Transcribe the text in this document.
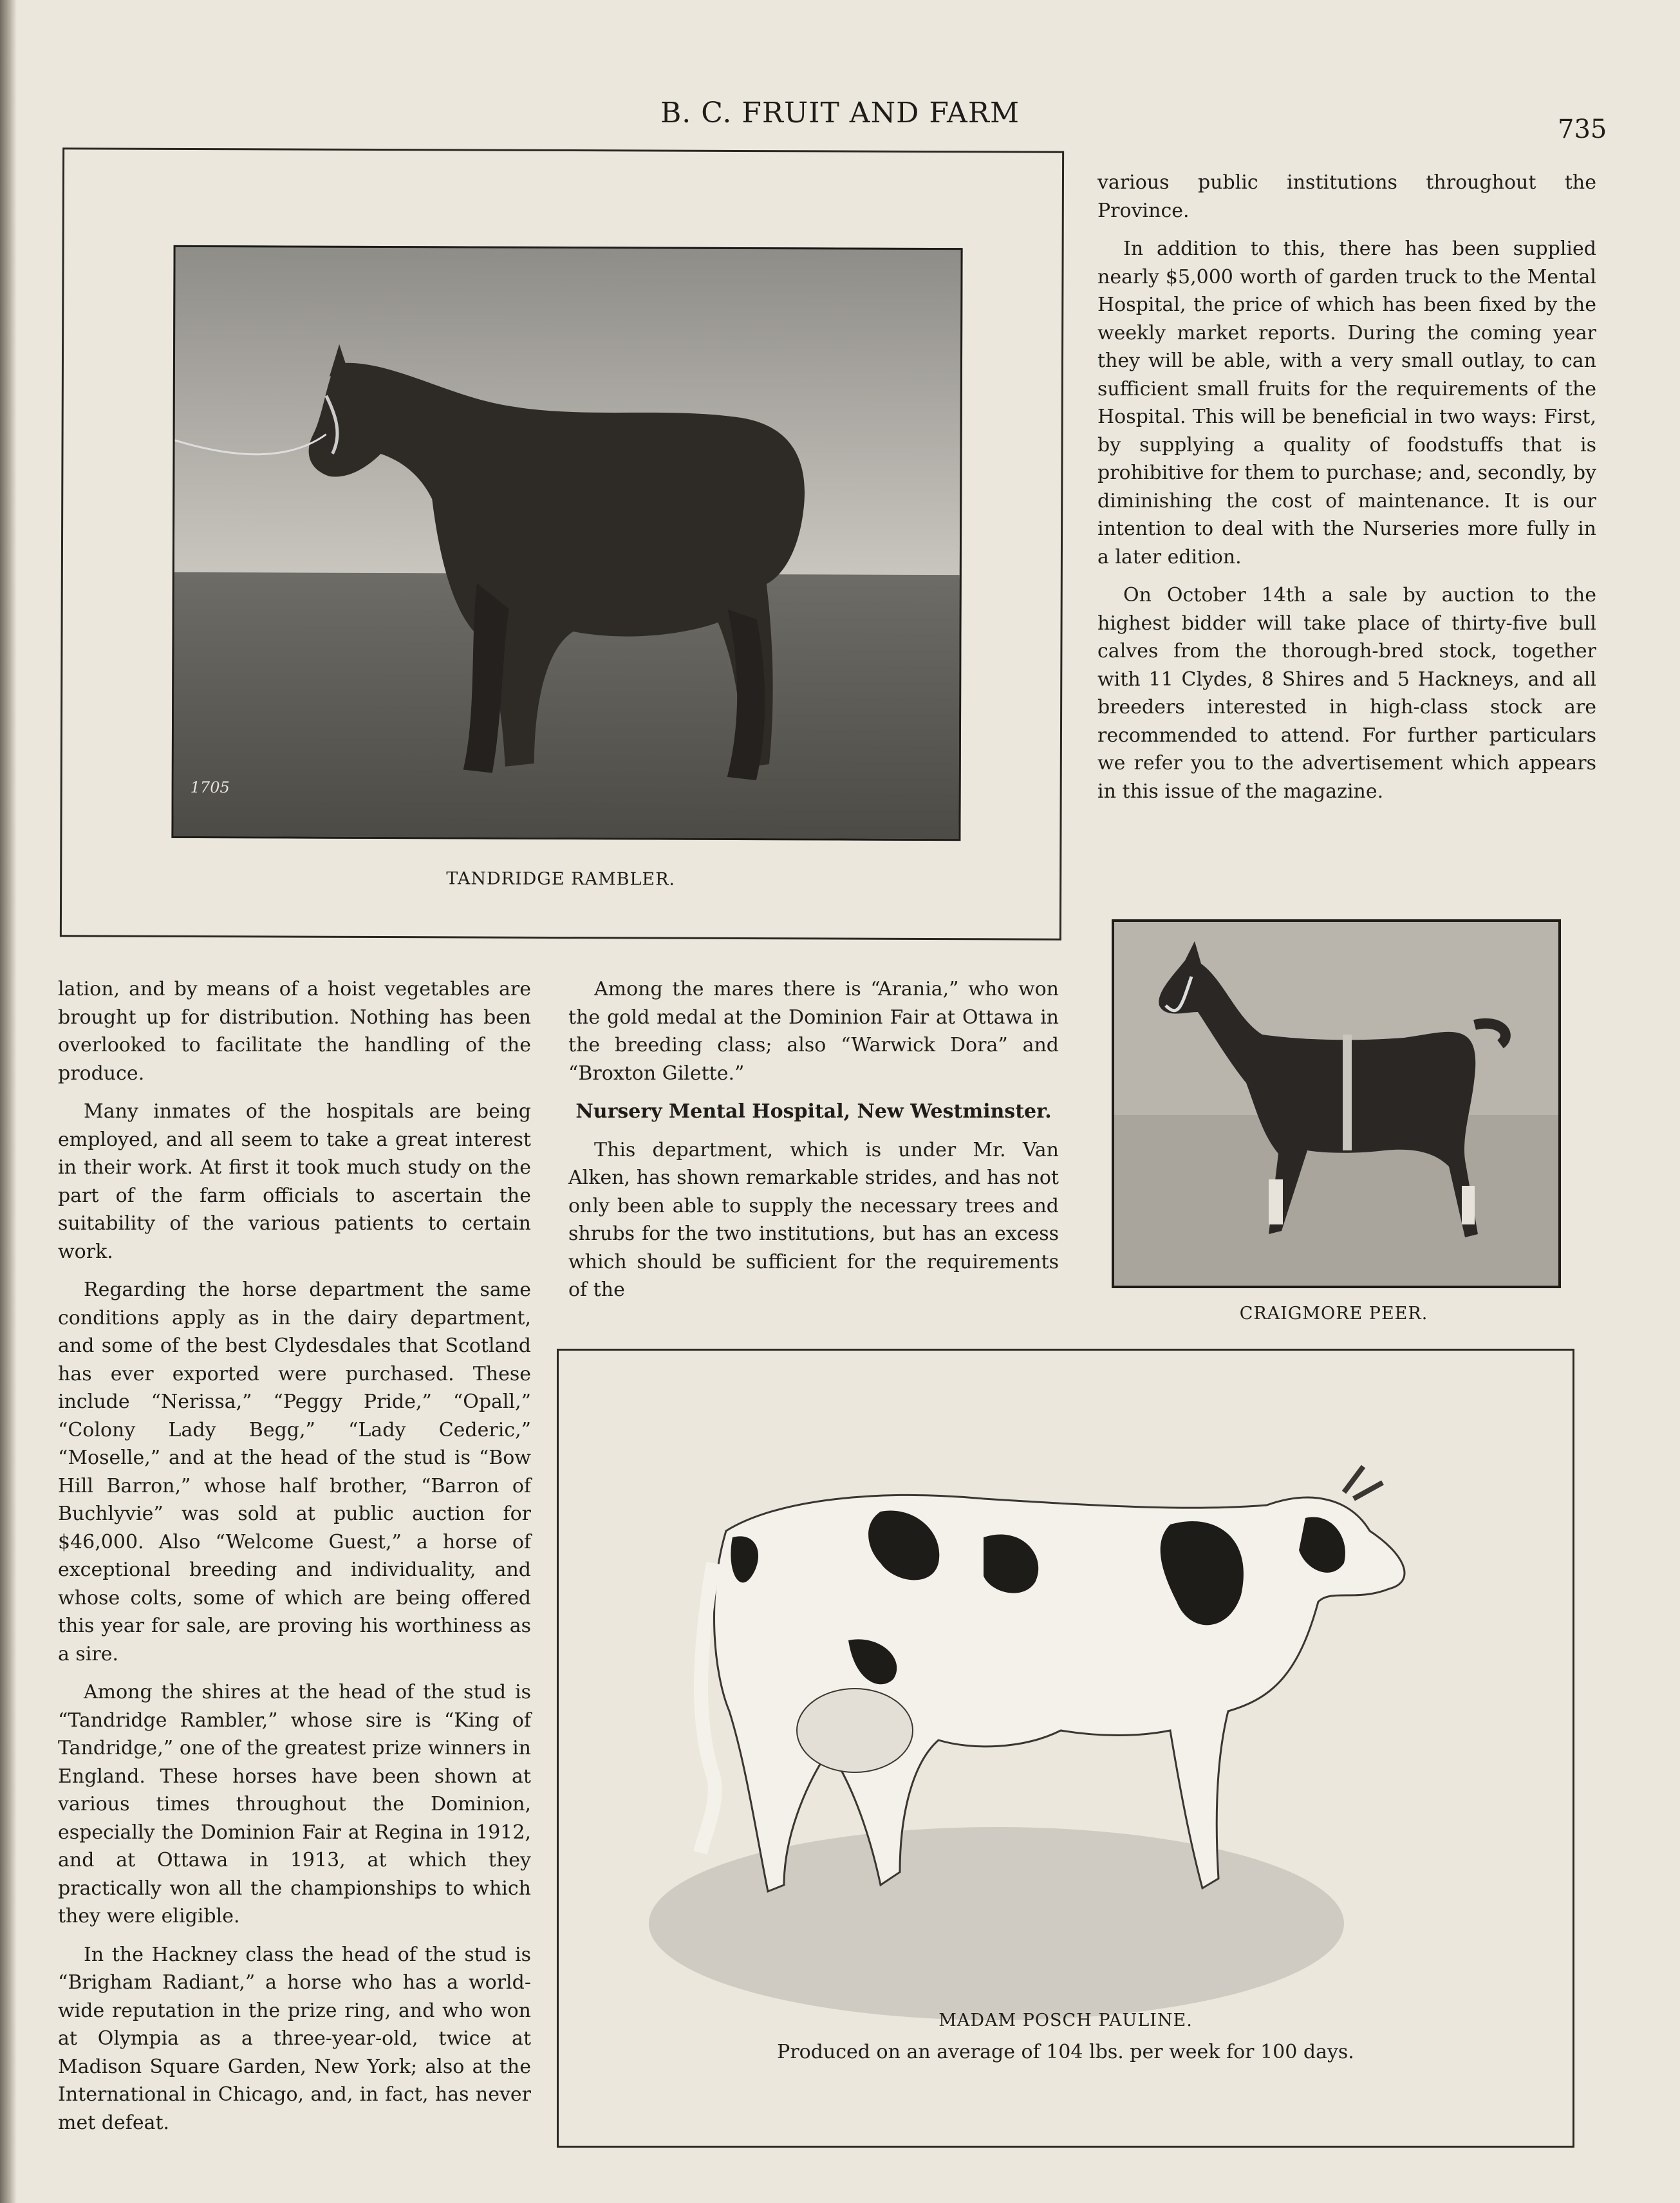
B. C. FRUIT AND FARM	735
1705
TANDRIDGE RAMBLER.

various public institutions throughout the Province.

In addition to this, there has been supplied nearly $5,000 worth of garden truck to the Mental Hospital, the price of which has been fixed by the weekly market reports. During the coming year they will be able, with a very small outlay, to can sufficient small fruits for the requirements of the Hospital. This will be beneficial in two ways: First, by supplying a quality of foodstuffs that is prohibitive for them to purchase; and, secondly, by diminishing the cost of maintenance. It is our intention to deal with the Nurseries more fully in a later edition.

On October 14th a sale by auction to the highest bidder will take place of thirty-five bull calves from the thorough-bred stock, together with 11 Clydes, 8 Shires and 5 Hackneys, and all breeders interested in high-class stock are recommended to attend. For further particulars we refer you to the advertisement which appears in this issue of the magazine.

CRAIGMORE PEER.

lation, and by means of a hoist vegetables are brought up for distribution. Nothing has been overlooked to facilitate the handling of the produce.

Many inmates of the hospitals are being employed, and all seem to take a great interest in their work. At first it took much study on the part of the farm officials to ascertain the suitability of the various patients to certain work.

Regarding the horse department the same conditions apply as in the dairy department, and some of the best Clydesdales that Scotland has ever exported were purchased. These include “Nerissa,” “Peggy Pride,” “Opall,” “Colony Lady Begg,” “Lady Cederic,” “Moselle,” and at the head of the stud is “Bow Hill Barron,” whose half brother, “Barron of Buchlyvie” was sold at public auction for $46,000. Also “Welcome Guest,” a horse of exceptional breeding and individuality, and whose colts, some of which are being offered this year for sale, are proving his worthiness as a sire.

Among the shires at the head of the stud is “Tandridge Rambler,” whose sire is “King of Tandridge,” one of the greatest prize winners in England. These horses have been shown at various times throughout the Dominion, especially the Dominion Fair at Regina in 1912, and at Ottawa in 1913, at which they practically won all the championships to which they were eligible.

In the Hackney class the head of the stud is “Brigham Radiant,” a horse who has a world-wide reputation in the prize ring, and who won at Olympia as a three-year-old, twice at Madison Square Garden, New York; also at the International in Chicago, and, in fact, has never met defeat.

Among the mares there is “Arania,” who won the gold medal at the Dominion Fair at Ottawa in the breeding class; also “Warwick Dora” and “Broxton Gilette.”

Nursery Mental Hospital, New Westminster.

This department, which is under Mr. Van Alken, has shown remarkable strides, and has not only been able to supply the necessary trees and shrubs for the two institutions, but has an excess which should be sufficient for the requirements of the

MADAM POSCH PAULINE.
Produced on an average of 104 lbs. per week for 100 days.
